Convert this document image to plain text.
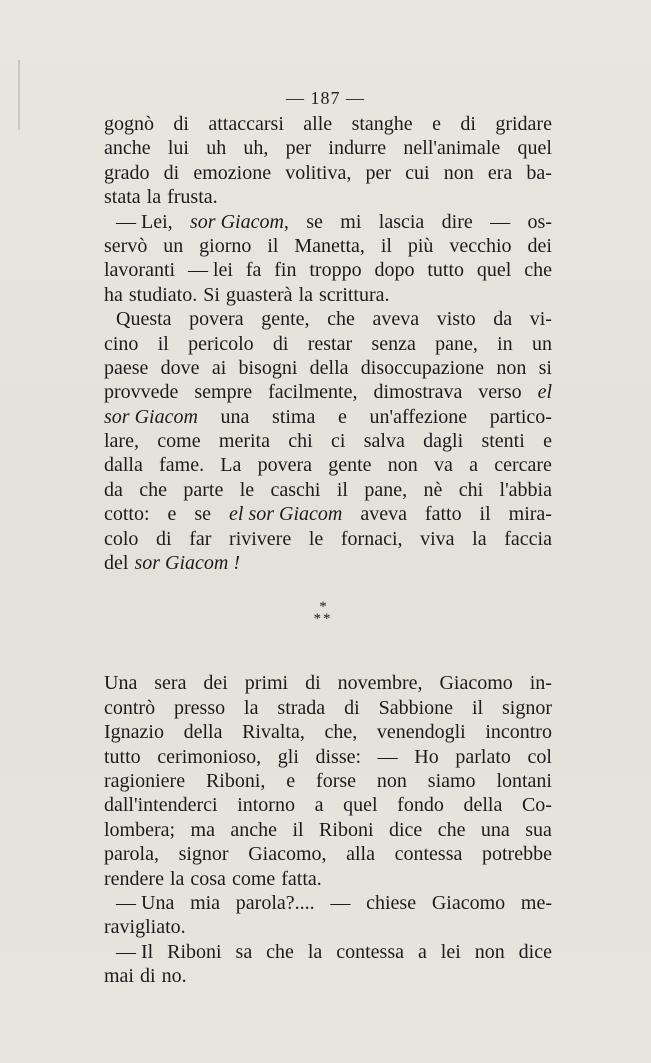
— 187 —
gognò di attaccarsi alle stanghe e di gridare
anche lui uh uh, per indurre nell'animale quel
grado di emozione volitiva, per cui non era ba-
stata la frusta.
— Lei, sor Giacom, se mi lascia dire — os-
servò un giorno il Manetta, il più vecchio dei
lavoranti — lei fa fin troppo dopo tutto quel che
ha studiato. Si guasterà la scrittura.
Questa povera gente, che aveva visto da vi-
cino il pericolo di restar senza pane, in un
paese dove ai bisogni della disoccupazione non si
provvede sempre facilmente, dimostrava verso el
sor Giacom una stima e un'affezione partico-
lare, come merita chi ci salva dagli stenti e
dalla fame. La povera gente non va a cercare
da che parte le caschi il pane, nè chi l'abbia
cotto: e se el sor Giacom aveva fatto il mira-
colo di far rivivere le fornaci, viva la faccia
del sor Giacom !
*
**
Una sera dei primi di novembre, Giacomo in-
contrò presso la strada di Sabbione il signor
Ignazio della Rivalta, che, venendogli incontro
tutto cerimonioso, gli disse: — Ho parlato col
ragioniere Riboni, e forse non siamo lontani
dall'intenderci intorno a quel fondo della Co-
lombera; ma anche il Riboni dice che una sua
parola, signor Giacomo, alla contessa potrebbe
rendere la cosa come fatta.
— Una mia parola?.... — chiese Giacomo me-
ravigliato.
— Il Riboni sa che la contessa a lei non dice
mai di no.
